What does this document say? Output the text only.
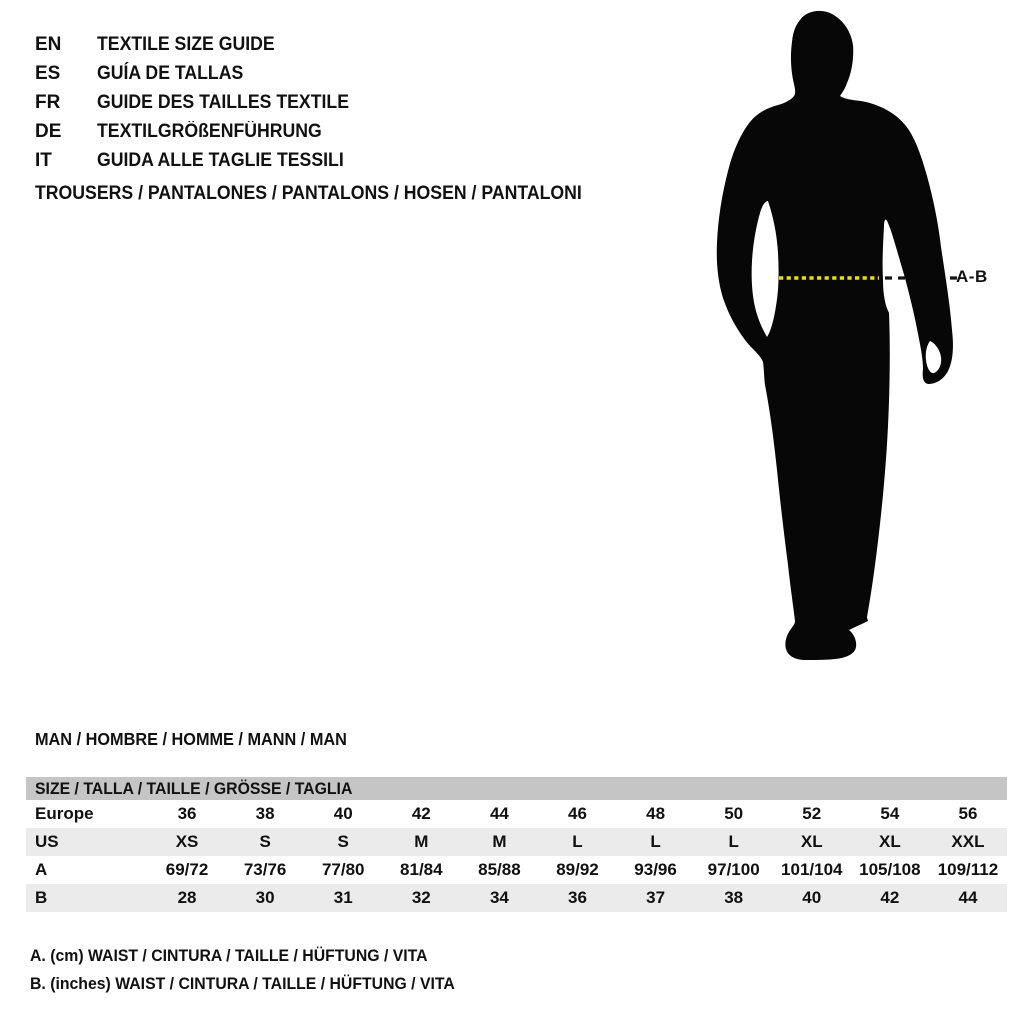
EN	TEXTILE SIZE GUIDE
ES	GUÍA DE TALLAS
FR	GUIDE DES TAILLES TEXTILE
DE	TEXTILGRÖßENFÜHRUNG
IT	GUIDA ALLE TAGLIE TESSILI
TROUSERS / PANTALONES / PANTALONS / HOSEN / PANTALONI
A-B
MAN / HOMBRE / HOMME / MANN / MAN
SIZE / TALLA / TAILLE / GRÖSSE / TAGLIA
Europe	36	38	40	42	44	46	48	50	52	54	56
US	XS	S	S	M	M	L	L	L	XL	XL	XXL
A	69/72	73/76	77/80	81/84	85/88	89/92	93/96	97/100	101/104 105/108	109/112
B	28	30	31	32	34	36	37	38	40	42	44
A. (cm) WAIST / CINTURA / TAILLE / HÜFTUNG / VITA
B. (inches) WAIST / CINTURA / TAILLE / HÜFTUNG / VITA
